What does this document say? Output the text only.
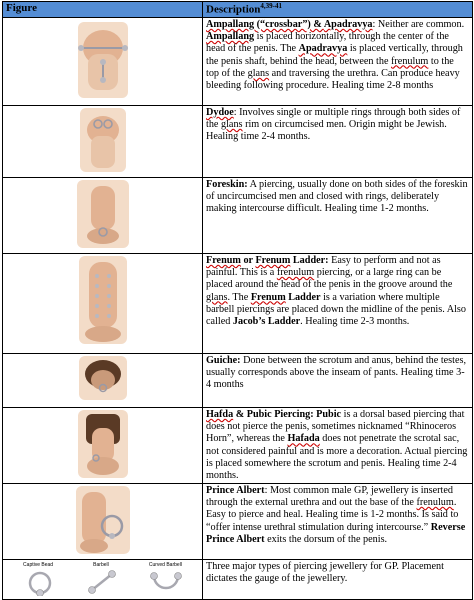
Figure	Description$^{4,39-41}$

Ampallang (“crossbar”) & Apadravya: Neither are common. Ampallang is placed horizontally, through the center of the head of the penis. The Apadravya is placed vertically, through the penis shaft, behind the head, between the frenulum to the top of the glans and traversing the urethra. Can produce heavy bleeding following procedure. Healing time 2-8 months

Dydoe: Involves single or multiple rings through both sides of the glans rim on circumcised men. Origin might be Jewish. Healing time 2-4 months.

Foreskin: A piercing, usually done on both sides of the foreskin of uncircumcised men and closed with rings, deliberately making intercourse difficult. Healing time 1-2 months.

Frenum or Frenum Ladder: Easy to perform and not as painful. This is a frenulum piercing, or a large ring can be placed around the head of the penis in the groove around the glans. The Frenum Ladder is a variation where multiple barbell piercings are placed down the midline of the penis. Also called Jacob’s Ladder. Healing time 2-3 months.

Guiche: Done between the scrotum and anus, behind the testes, usually corresponds above the inseam of pants. Healing time 3-4 months

Hafda & Pubic Piercing: Pubic is a dorsal based piercing that does not pierce the penis, sometimes nicknamed “Rhinoceros Horn”, whereas the Hafada does not penetrate the scrotal sac, not considered painful and is more a decoration. Actual piercing is placed somewhere the scrotum and penis. Healing time 2-4 months.

Prince Albert: Most common male GP, jewellery is inserted through the external urethra and out the base of the frenulum. Easy to pierce and heal. Healing time is 1-2 months. Is said to “offer intense urethral stimulation during intercourse.” Reverse Prince Albert exits the dorsum of the penis.

Captive Bead Barbell Curved Barbell	Three major types of piercing jewellery for GP. Placement dictates the gauge of the jewellery.
